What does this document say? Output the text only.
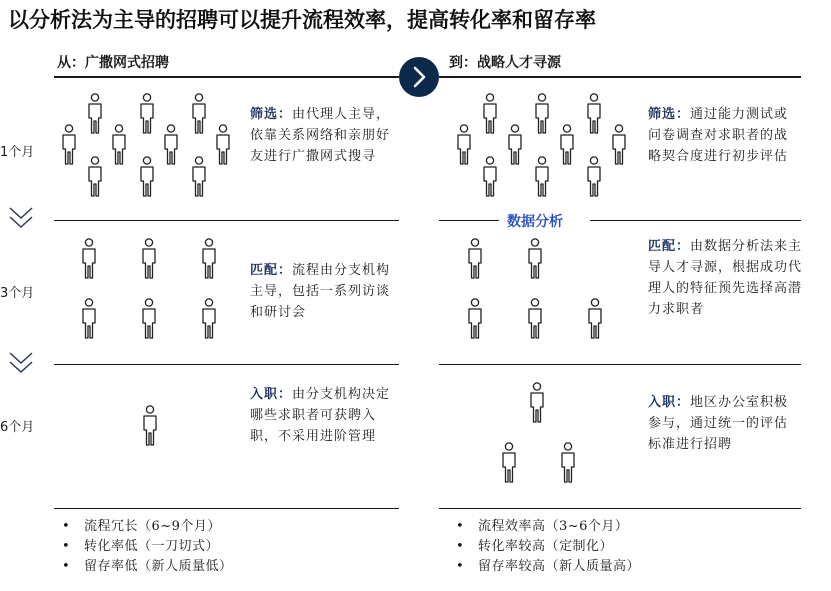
以分析法为主导的招聘可以提升流程效率，提高转化率和留存率
从：广撒网式招聘	到：战略人才寻源
数据分析
1个月
3个月
6个月
筛选：由代理人主导，依靠关系网络和亲朋好友进行广撒网式搜寻
匹配：流程由分支机构主导，包括一系列访谈和研讨会
入职：由分支机构决定哪些求职者可获聘入职，不采用进阶管理
筛选：通过能力测试或问卷调查对求职者的战略契合度进行初步评估
匹配：由数据分析法来主导人才寻源，根据成功代理人的特征预先选择高潜力求职者
入职：地区办公室积极参与，通过统一的评估标准进行招聘
• 流程冗长（6~9个月）
• 转化率低（一刀切式）
• 留存率低（新人质量低）
• 流程效率高（3~6个月）
• 转化率较高（定制化）
• 留存率较高（新人质量高）
